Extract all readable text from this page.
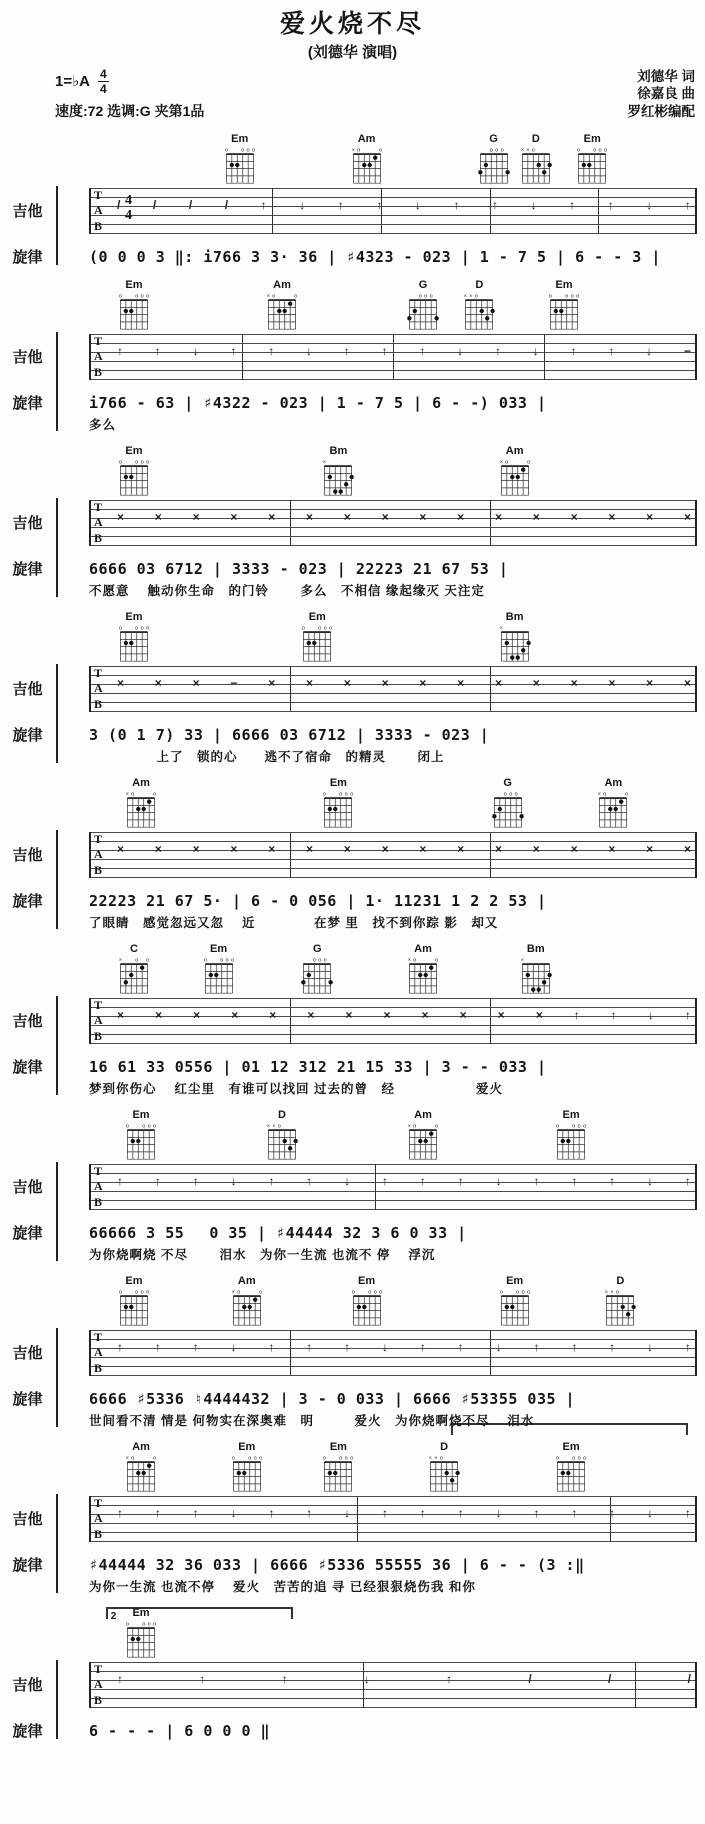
爱火烧不尽
(刘德华 演唱)
1=♭A $\frac{4}{4}$
速度:72 选调:G 夹第1品
刘德华 词
徐嘉良 曲
罗红彬编配
Em
o o o o
Am
× o	o
G
o o o
D
× × o
Em
o o o o
吉他
T
A
B
4
4
/	/	/	/	↑	↓	↑	↑	↓	↑	↑	↓	↑	↑	↓	↑
旋律	(0 0 0 3 ‖: i766 3 3· 36 | ♯4323 - 023 | 1 - 7 5 | 6 - - 3 |
Em
o o o o
Am
× o	o
G
o o o
D
× × o
Em
o o o o
吉他
T
A
B
↑	↑	↓	↑	↑	↓	↑	↑	↑	↓	↑	↓	↑	↑	↓	−
旋律	i766 - 63 | ♯4322 - 023 | 1 - 7 5 | 6 - -) 033 |
多么
Em
o o o o
Bm
×
Am
× o	o
吉他
T
A
B
×	×	×	×	×	×	×	×	×	×	×	×	×	×	×	×
旋律	6666 03 6712 | 3333 - 023 | 22223 21 67 53 |
不愿意　 触动你生命　的门铃　　 多么　不相信 缘起缘灭 天注定
Em
o o o o
Em
o o o o
Bm
×
吉他
T
A
B
×	×	×	−	×	×	×	×	×	×	×	×	×	×	×	×
旋律	3 (0 1 7) 33 | 6666 03 6712 | 3333 - 023 |
　　　　　上了　锁的心　　逃不了宿命　的精灵　　 闭上
Am
× o	o
Em
o o o o
G
o o o
Am
× o	o
吉他
T
A
B
×	×	×	×	×	×	×	×	×	×	×	×	×	×	×	×
旋律	22223 21 67 5· | 6 - 0 056 | 1· 11231 1 2 2 53 |
了眼睛　感觉忽远又忽　 近　　　　 在梦 里　找不到你踪 影　却又
C
× o o
Em
o o o o
G
o o o
Am
× o	o
Bm
×
吉他
T
A
B
×	×	×	×	×	×	×	×	×	×	×	×	↑	↑	↓	↑
旋律	16 61 33 0556 | 01 12 312 21 15 33 | 3 - - 033 |
梦到你伤心　 红尘里　有谁可以找回 过去的曾　经　　　　　　爱火
Em
o o o o
D
× × o
Am
× o	o
Em
o o o o
吉他
T
A
B
↑	↑	↑	↓	↑	↑	↓	↑	↑	↑	↓	↑	↑	↑	↓	↑
旋律	66666 3 55　 0 35 | ♯44444 32 3 6 0 33 |
为你烧啊烧 不尽　　 泪水　为你一生流 也流不 停　 浮沉
Em
o o o o
Am
× o	o
Em
o o o o
Em
o o o o
D
× × o
吉他
T
A
B
↑	↑	↑	↓	↑	↑	↑	↓	↑	↑	↓	↑	↑	↑	↓	↑
旋律	6666 ♯5336 ♮4444432 | 3 - 0 033 | 6666 ♯53355 035 |
世间看不清 情是 何物实在深奥难　明　　　爱火　为你烧啊烧不尽　 泪水
Am
× o	o
Em
o o o o
Em
o o o o
D
× × o
Em
o o o o
吉他
T
A
B
↑	↑	↑	↓	↑	↑	↓	↑	↑	↑	↓	↑	↑	↑	↓	↑
旋律	♯44444 32 36 033 | 6666 ♯5336 55555 36 | 6 - - (3 :‖
为你一生流 也流不停　 爱火　苦苦的追 寻 已经狠狠烧伤我 和你
2	Em
o o o o
吉他
T
A
B
↑	↑	↑	↓	↑	/	/	/
旋律	6 - - - | 6 0 0 0 ‖
